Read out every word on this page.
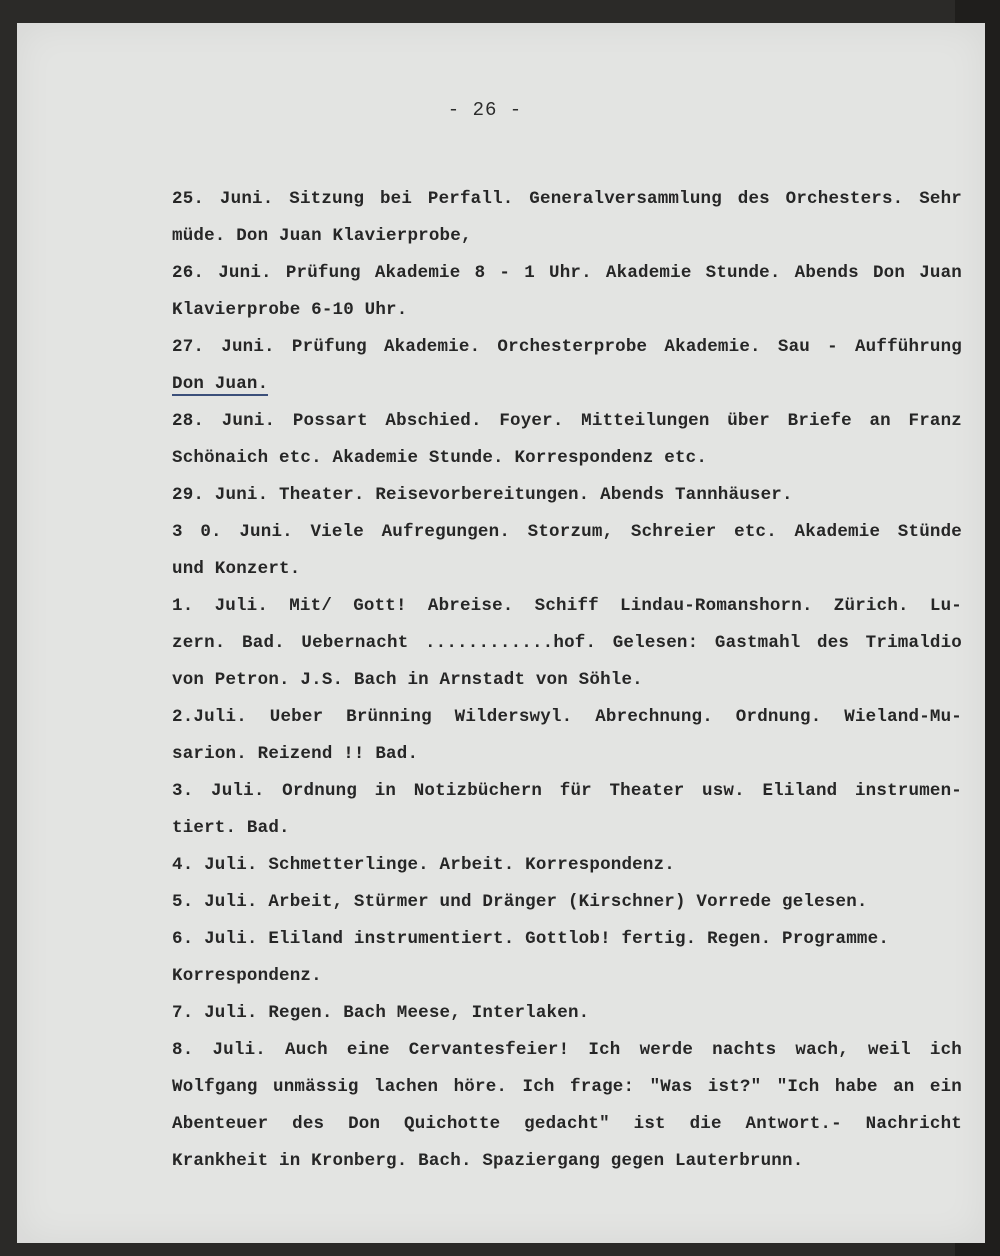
- 26 -
25. Juni. Sitzung bei Perfall. Generalversammlung des Orchesters. Sehr
müde. Don Juan Klavierprobe,
26. Juni. Prüfung Akademie 8 - 1 Uhr. Akademie Stunde. Abends Don Juan
Klavierprobe 6-10 Uhr.
27. Juni. Prüfung Akademie. Orchesterprobe Akademie. Sau - Aufführung
Don Juan.
28. Juni. Possart Abschied. Foyer. Mitteilungen über Briefe an Franz
Schönaich etc. Akademie Stunde. Korrespondenz etc.
29. Juni. Theater. Reisevorbereitungen. Abends Tannhäuser.
3 0. Juni. Viele Aufregungen. Storzum, Schreier etc. Akademie Stünde
und Konzert.
1. Juli. Mit/ Gott! Abreise. Schiff Lindau-Romanshorn. Zürich. Lu-
zern. Bad. Uebernacht ............hof. Gelesen: Gastmahl des Trimaldio
von Petron. J.S. Bach in Arnstadt von Söhle.
2.Juli. Ueber Brünning Wilderswyl. Abrechnung. Ordnung. Wieland-Mu-
sarion. Reizend !! Bad.
3. Juli. Ordnung in Notizbüchern für Theater usw. Eliland instrumen-
tiert. Bad.
4. Juli. Schmetterlinge. Arbeit. Korrespondenz.
5. Juli. Arbeit, Stürmer und Dränger (Kirschner) Vorrede gelesen.
6. Juli. Eliland instrumentiert. Gottlob! fertig. Regen. Programme.
Korrespondenz.
7. Juli. Regen. Bach Meese, Interlaken.
8. Juli. Auch eine Cervantesfeier! Ich werde nachts wach, weil ich
Wolfgang unmässig lachen höre. Ich frage: "Was ist?" "Ich habe an ein
Abenteuer des Don Quichotte gedacht" ist die Antwort.- Nachricht
Krankheit in Kronberg. Bach. Spaziergang gegen Lauterbrunn.
